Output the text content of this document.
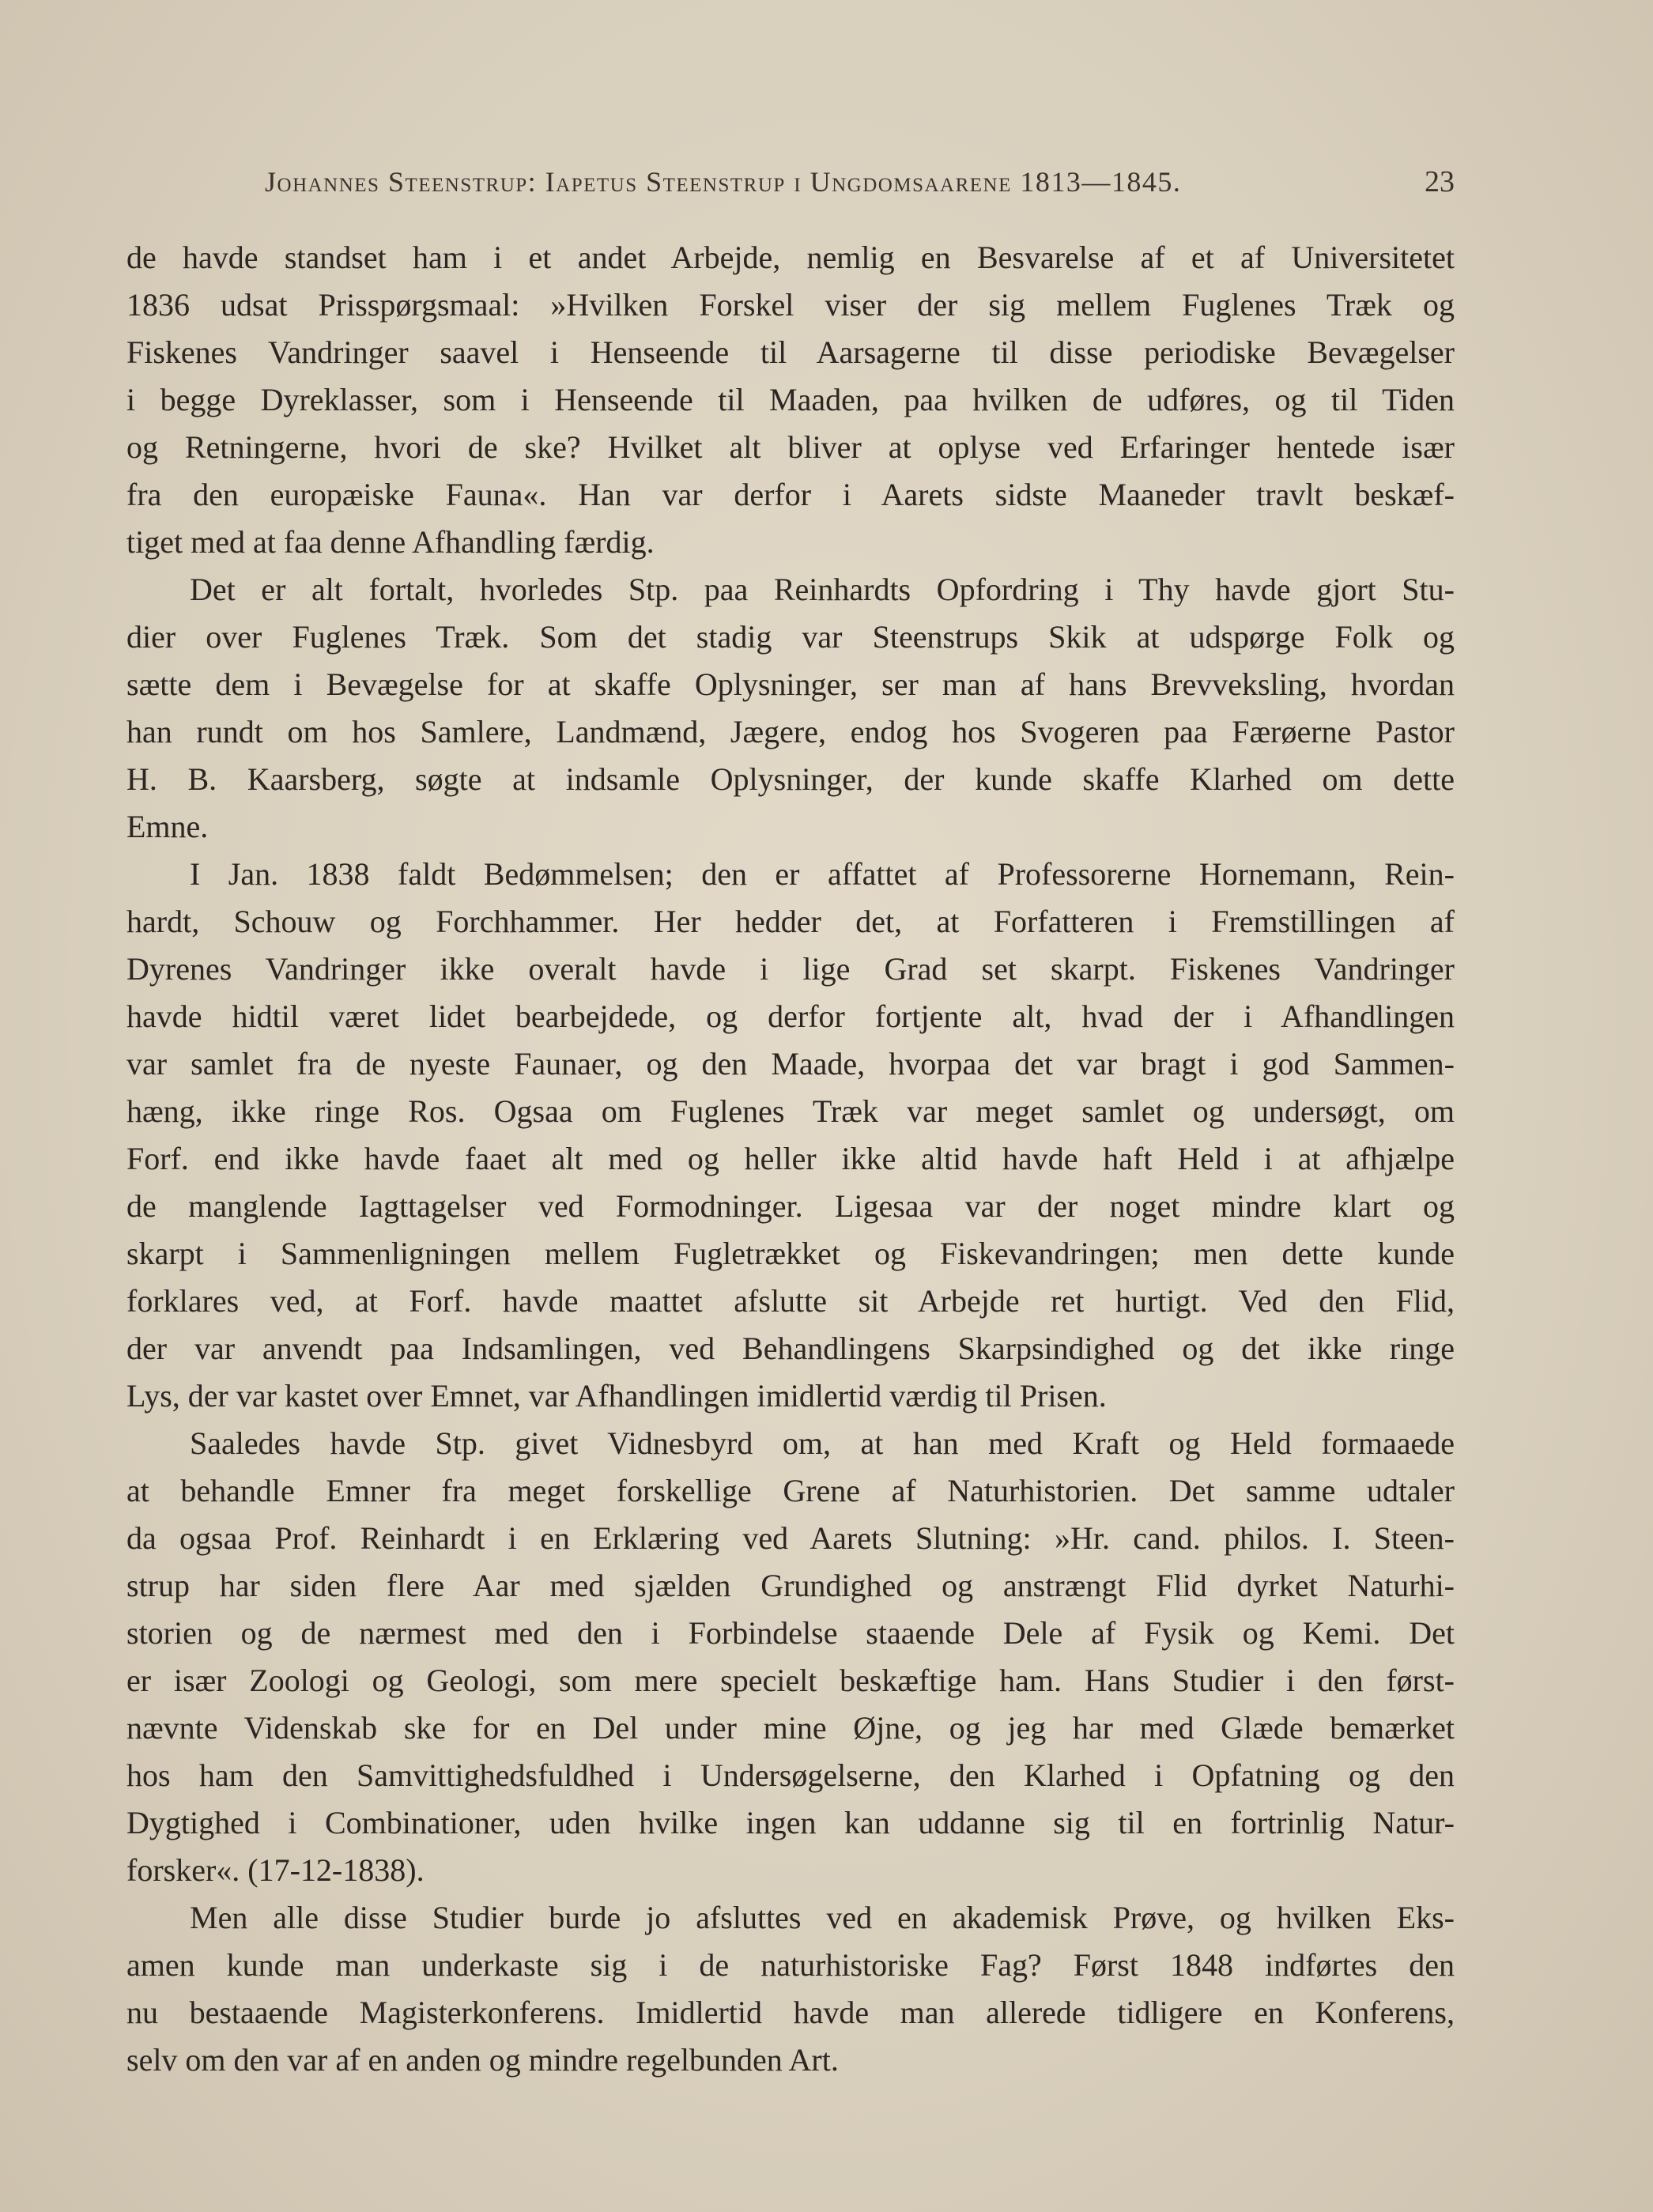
Johannes Steenstrup: Iapetus Steenstrup i Ungdomsaarene 1813—1845.	23
de havde standset ham i et andet Arbejde, nemlig en Besvarelse af et af Universitetet
1836 udsat Prisspørgsmaal: »Hvilken Forskel viser der sig mellem Fuglenes Træk og
Fiskenes Vandringer saavel i Henseende til Aarsagerne til disse periodiske Bevægelser
i begge Dyreklasser, som i Henseende til Maaden, paa hvilken de udføres, og til Tiden
og Retningerne, hvori de ske? Hvilket alt bliver at oplyse ved Erfaringer hentede især
fra den europæiske Fauna«. Han var derfor i Aarets sidste Maaneder travlt beskæf-
tiget med at faa denne Afhandling færdig.
Det er alt fortalt, hvorledes Stp. paa Reinhardts Opfordring i Thy havde gjort Stu-
dier over Fuglenes Træk. Som det stadig var Steenstrups Skik at udspørge Folk og
sætte dem i Bevægelse for at skaffe Oplysninger, ser man af hans Brevveksling, hvordan
han rundt om hos Samlere, Landmænd, Jægere, endog hos Svogeren paa Færøerne Pastor
H. B. Kaarsberg, søgte at indsamle Oplysninger, der kunde skaffe Klarhed om dette
Emne.
I Jan. 1838 faldt Bedømmelsen; den er affattet af Professorerne Hornemann, Rein-
hardt, Schouw og Forchhammer. Her hedder det, at Forfatteren i Fremstillingen af
Dyrenes Vandringer ikke overalt havde i lige Grad set skarpt. Fiskenes Vandringer
havde hidtil været lidet bearbejdede, og derfor fortjente alt, hvad der i Afhandlingen
var samlet fra de nyeste Faunaer, og den Maade, hvorpaa det var bragt i god Sammen-
hæng, ikke ringe Ros. Ogsaa om Fuglenes Træk var meget samlet og undersøgt, om
Forf. end ikke havde faaet alt med og heller ikke altid havde haft Held i at afhjælpe
de manglende Iagttagelser ved Formodninger. Ligesaa var der noget mindre klart og
skarpt i Sammenligningen mellem Fugletrækket og Fiskevandringen; men dette kunde
forklares ved, at Forf. havde maattet afslutte sit Arbejde ret hurtigt. Ved den Flid,
der var anvendt paa Indsamlingen, ved Behandlingens Skarpsindighed og det ikke ringe
Lys, der var kastet over Emnet, var Afhandlingen imidlertid værdig til Prisen.
Saaledes havde Stp. givet Vidnesbyrd om, at han med Kraft og Held formaaede
at behandle Emner fra meget forskellige Grene af Naturhistorien. Det samme udtaler
da ogsaa Prof. Reinhardt i en Erklæring ved Aarets Slutning: »Hr. cand. philos. I. Steen-
strup har siden flere Aar med sjælden Grundighed og anstrængt Flid dyrket Naturhi-
storien og de nærmest med den i Forbindelse staaende Dele af Fysik og Kemi. Det
er især Zoologi og Geologi, som mere specielt beskæftige ham. Hans Studier i den først-
nævnte Videnskab ske for en Del under mine Øjne, og jeg har med Glæde bemærket
hos ham den Samvittighedsfuldhed i Undersøgelserne, den Klarhed i Opfatning og den
Dygtighed i Combinationer, uden hvilke ingen kan uddanne sig til en fortrinlig Natur-
forsker«. (17-12-1838).
Men alle disse Studier burde jo afsluttes ved en akademisk Prøve, og hvilken Eks-
amen kunde man underkaste sig i de naturhistoriske Fag? Først 1848 indførtes den
nu bestaaende Magisterkonferens. Imidlertid havde man allerede tidligere en Konferens,
selv om den var af en anden og mindre regelbunden Art.
